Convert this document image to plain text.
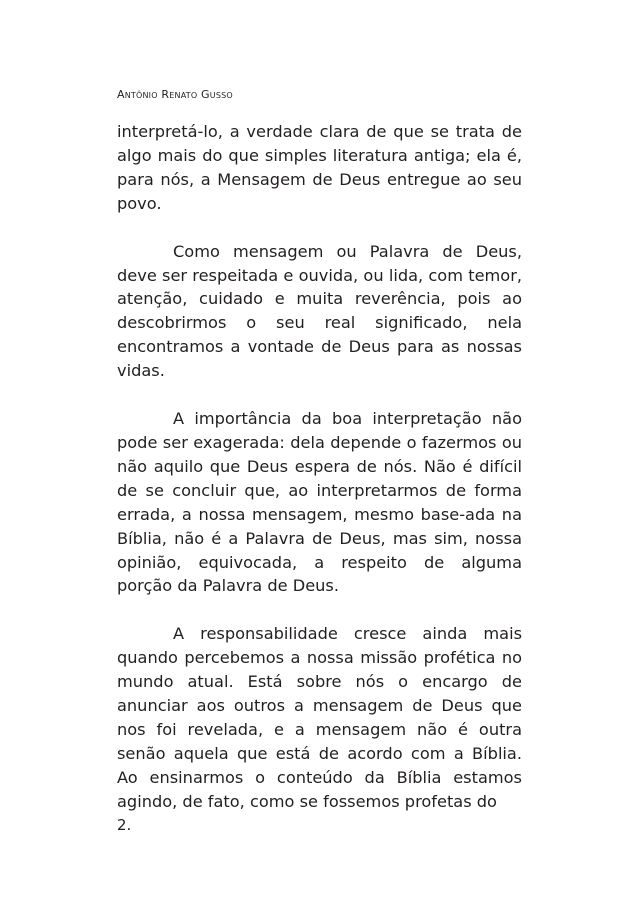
Antônio Renato Gusso

interpretá-lo, a verdade clara de que se trata de algo mais do que simples literatura antiga; ela é, para nós, a Mensagem de Deus entregue ao seu povo.

Como mensagem ou Palavra de Deus, deve ser respeitada e ouvida, ou lida, com temor, atenção, cuidado e muita reverência, pois ao descobrirmos o seu real significado, nela encontramos a vontade de Deus para as nossas vidas.

A importância da boa interpretação não pode ser exagerada: dela depende o fazermos ou não aquilo que Deus espera de nós. Não é difícil de se concluir que, ao interpretarmos de forma errada, a nossa mensagem, mesmo base-ada na Bíblia, não é a Palavra de Deus, mas sim, nossa opinião, equivocada, a respeito de alguma porção da Palavra de Deus.

A responsabilidade cresce ainda mais quando percebemos a nossa missão profética no mundo atual. Está sobre nós o encargo de anunciar aos outros a mensagem de Deus que nos foi revelada, e a mensagem não é outra senão aquela que está de acordo com a Bíblia. Ao ensinarmos o conteúdo da Bíblia estamos agindo, de fato, como se fossemos profetas do

2.
